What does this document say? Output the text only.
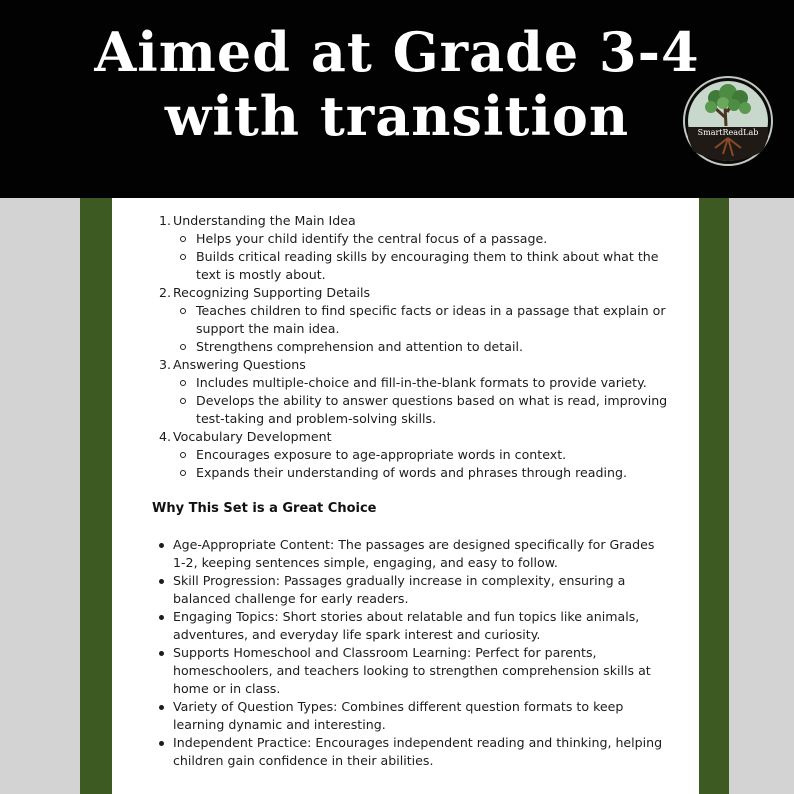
Aimed at Grade 3-4
with transition	SmartReadLab
1. Understanding the Main Idea
Helps your child identify the central focus of a passage.
Builds critical reading skills by encouraging them to think about what the text is mostly about.
2. Recognizing Supporting Details
Teaches children to find specific facts or ideas in a passage that explain or support the main idea.
Strengthens comprehension and attention to detail.
3. Answering Questions
Includes multiple-choice and fill-in-the-blank formats to provide variety.
Develops the ability to answer questions based on what is read, improving test-taking and problem-solving skills.
4. Vocabulary Development
Encourages exposure to age-appropriate words in context.
Expands their understanding of words and phrases through reading.
Why This Set is a Great Choice
Age-Appropriate Content: The passages are designed specifically for Grades 1-2, keeping sentences simple, engaging, and easy to follow.
Skill Progression: Passages gradually increase in complexity, ensuring a balanced challenge for early readers.
Engaging Topics: Short stories about relatable and fun topics like animals, adventures, and everyday life spark interest and curiosity.
Supports Homeschool and Classroom Learning: Perfect for parents, homeschoolers, and teachers looking to strengthen comprehension skills at home or in class.
Variety of Question Types: Combines different question formats to keep learning dynamic and interesting.
Independent Practice: Encourages independent reading and thinking, helping children gain confidence in their abilities.
